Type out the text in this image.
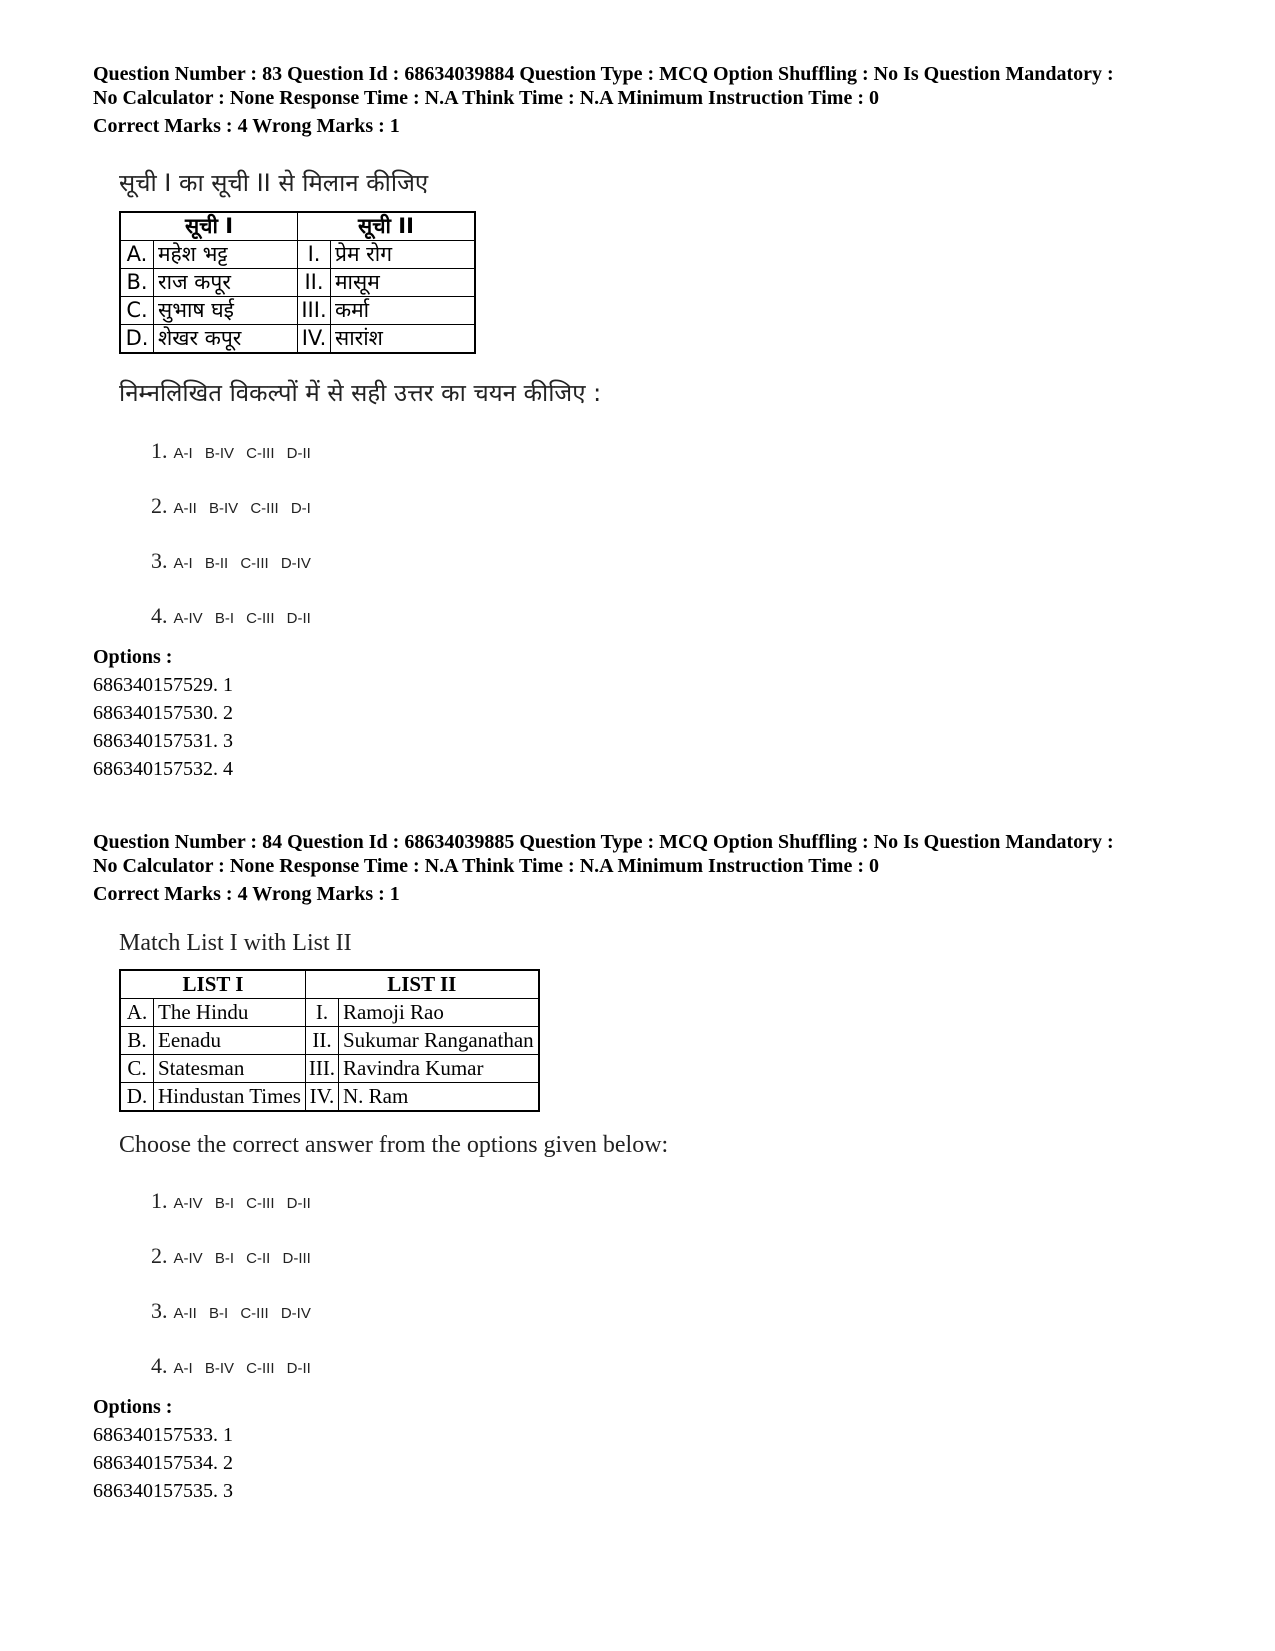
Question Number : 83 Question Id : 68634039884 Question Type : MCQ Option Shuffling : No Is Question Mandatory :
No Calculator : None Response Time : N.A Think Time : N.A Minimum Instruction Time : 0
Correct Marks : 4 Wrong Marks : 1
सूची I का सूची II से मिलान कीजिए
सूची I		सूची II	
A.	महेश भट्ट	I.	प्रेम रोग
B.	राज कपूर	II.	मासूम
C.	सुभाष घई	III.	कर्मा
D.	शेखर कपूर	IV.	सारांश
निम्नलिखित विकल्पों में से सही उत्तर का चयन कीजिए :
1. A-I B-IV C-III D-II
2. A-II B-IV C-III D-I
3. A-I B-II C-III D-IV
4. A-IV B-I C-III D-II
Options :
686340157529. 1
686340157530. 2
686340157531. 3
686340157532. 4
Question Number : 84 Question Id : 68634039885 Question Type : MCQ Option Shuffling : No Is Question Mandatory :
No Calculator : None Response Time : N.A Think Time : N.A Minimum Instruction Time : 0
Correct Marks : 4 Wrong Marks : 1
Match List I with List II
LIST I		LIST II	
A.	The Hindu	I.	Ramoji Rao
B.	Eenadu	II.	Sukumar Ranganathan
C.	Statesman	III.	Ravindra Kumar
D.	Hindustan Times	IV.	N. Ram
Choose the correct answer from the options given below:
1. A-IV B-I C-III D-II
2. A-IV B-I C-II D-III
3. A-II B-I C-III D-IV
4. A-I B-IV C-III D-II
Options :
686340157533. 1
686340157534. 2
686340157535. 3
